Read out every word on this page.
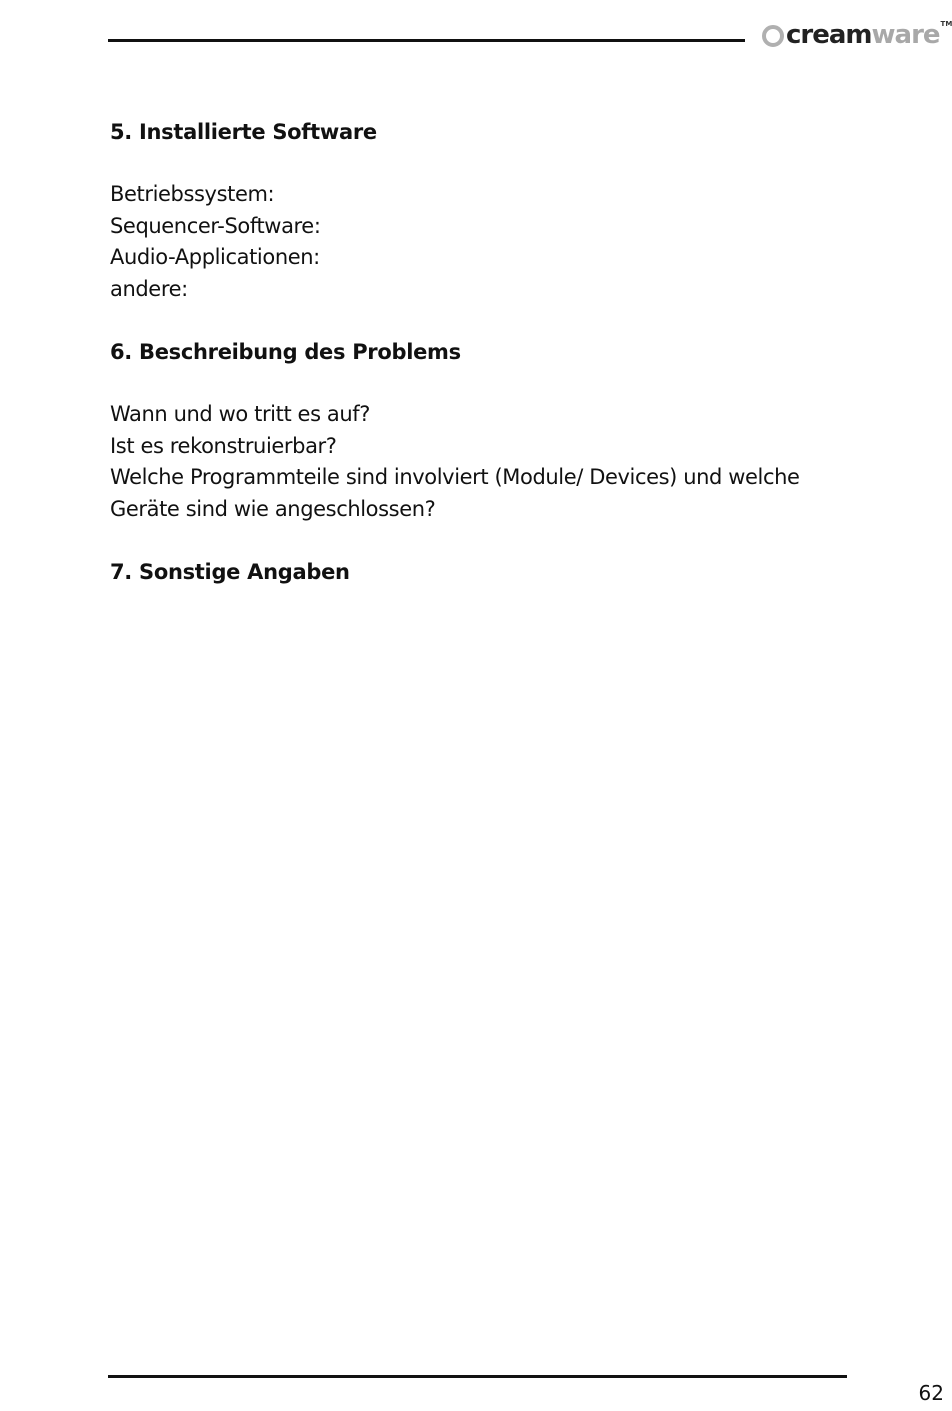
cream ware TM
5. Installierte Software

Betriebssystem:

Sequencer-Software:

Audio-Applicationen:

andere:

6. Beschreibung des Problems

Wann und wo tritt es auf?

Ist es rekonstruierbar?

Welche Programmteile sind involviert (Module/ Devices) und welche

Geräte sind wie angeschlossen?

7. Sonstige Angaben
62
